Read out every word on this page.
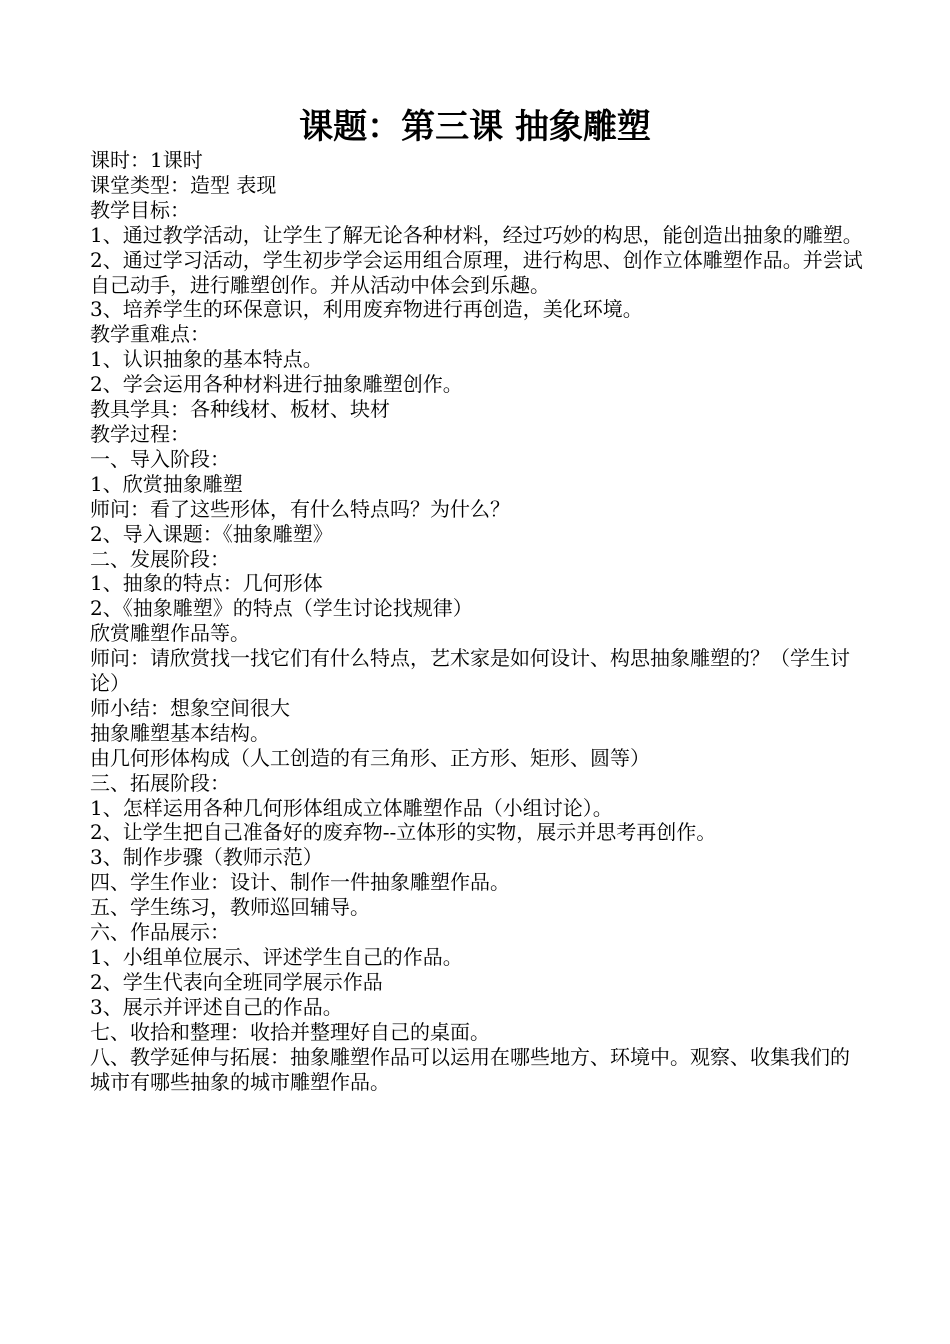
课题：第三课 抽象雕塑

课时：1课时

课堂类型：造型 表现

教学目标：

1、通过教学活动，让学生了解无论各种材料，经过巧妙的构思，能创造出抽象的雕塑。

2、通过学习活动，学生初步学会运用组合原理，进行构思、创作立体雕塑作品。并尝试自己动手，进行雕塑创作。并从活动中体会到乐趣。

3、培养学生的环保意识，利用废弃物进行再创造，美化环境。

教学重难点：

1、认识抽象的基本特点。

2、学会运用各种材料进行抽象雕塑创作。

教具学具：各种线材、板材、块材

教学过程：

一、导入阶段：

1、欣赏抽象雕塑

师问：看了这些形体，有什么特点吗？为什么？

2、导入课题：《抽象雕塑》

二、发展阶段：

1、抽象的特点：几何形体

2、《抽象雕塑》的特点（学生讨论找规律）

欣赏雕塑作品等。

师问：请欣赏找一找它们有什么特点，艺术家是如何设计、构思抽象雕塑的？（学生讨论）

师小结：想象空间很大

抽象雕塑基本结构。

由几何形体构成（人工创造的有三角形、正方形、矩形、圆等）

三、拓展阶段：

1、怎样运用各种几何形体组成立体雕塑作品（小组讨论）。

2、让学生把自己准备好的废弃物--立体形的实物，展示并思考再创作。

3、制作步骤（教师示范）

四、学生作业：设计、制作一件抽象雕塑作品。

五、学生练习，教师巡回辅导。

六、作品展示：

1、小组单位展示、评述学生自己的作品。

2、学生代表向全班同学展示作品

3、展示并评述自己的作品。

七、收拾和整理：收拾并整理好自己的桌面。

八、教学延伸与拓展：抽象雕塑作品可以运用在哪些地方、环境中。观察、收集我们的城市有哪些抽象的城市雕塑作品。
